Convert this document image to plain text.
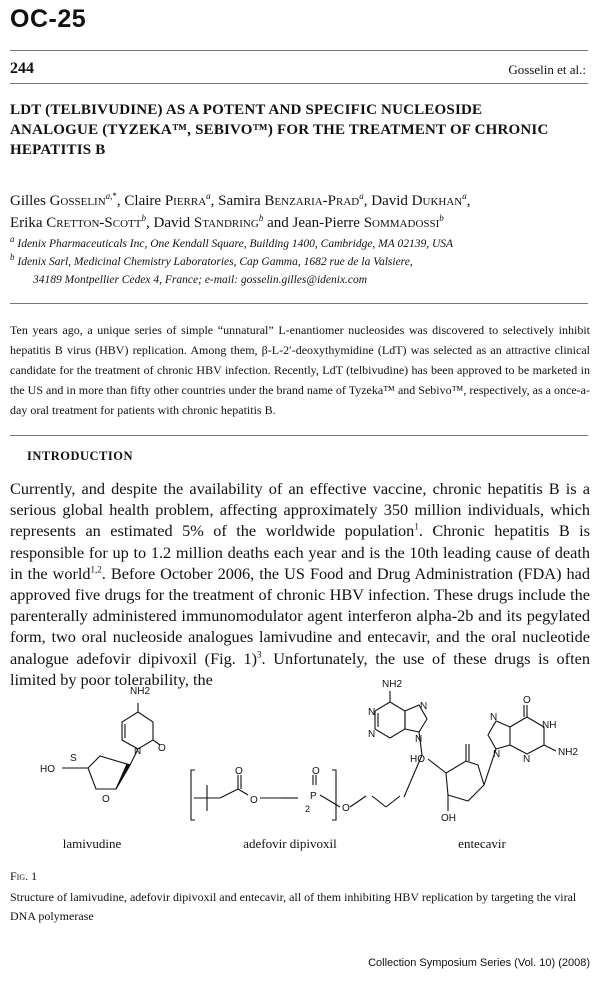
OC-25
244	Gosselin et al.:
LDT (TELBIVUDINE) AS A POTENT AND SPECIFIC NUCLEOSIDE ANALOGUE (TYZEKA™, SEBIVO™) FOR THE TREATMENT OF CHRONIC HEPATITIS B
Gilles Gosselin$^{a,*}$, Claire Pierra$^a$, Samira Benzaria-Prad$^a$, David Dukhan$^a$,
Erika Cretton-Scott$^b$, David Standring$^b$ and Jean-Pierre Sommadossi$^b$
$^a$ Idenix Pharmaceuticals Inc, One Kendall Square, Building 1400, Cambridge, MA 02139, USA
$^b$ Idenix Sarl, Medicinal Chemistry Laboratories, Cap Gamma, 1682 rue de la Valsiere,
34189 Montpellier Cedex 4, France; e-mail: gosselin.gilles@idenix.com
Ten years ago, a unique series of simple “unnatural” L-enantiomer nucleosides was discovered to selectively inhibit hepatitis B virus (HBV) replication. Among them, β-L-2′-deoxythymidine (LdT) was selected as an attractive clinical candidate for the treatment of chronic HBV infection. Recently, LdT (telbivudine) has been approved to be marketed in the US and in more than fifty other countries under the brand name of Tyzeka™ and Sebivo™, respectively, as a once-a-day oral treatment for patients with chronic hepatitis B.
INTRODUCTION
Currently, and despite the availability of an effective vaccine, chronic hepatitis B is a serious global health problem, affecting approximately 350 million individuals, which represents an estimated 5% of the worldwide population$^1$. Chronic hepatitis B is responsible for up to 1.2 million deaths each year and is the 10th leading cause of death in the world$^{1,2}$. Before October 2006, the US Food and Drug Administration (FDA) had approved five drugs for the treatment of chronic HBV infection. These drugs include the parenterally administered immunomodulator agent interferon alpha-2b and its pegylated form, two oral nucleoside analogues lamivudine and entecavir, and the oral nucleotide analogue adefovir dipivoxil (Fig. 1)$^3$. Unfortunately, the use of these drugs is often limited by poor tolerability, the
NH2
N O
O
S
HO
NH2
N
N
N
N
P
2
O
O
O
O
O
NH
N
N N
NH2
HO
OH
lamivudine	adefovir dipivoxil	entecavir
Fig. 1
Structure of lamivudine, adefovir dipivoxil and entecavir, all of them inhibiting HBV replication by targeting the viral DNA polymerase
Collection Symposium Series (Vol. 10) (2008)
